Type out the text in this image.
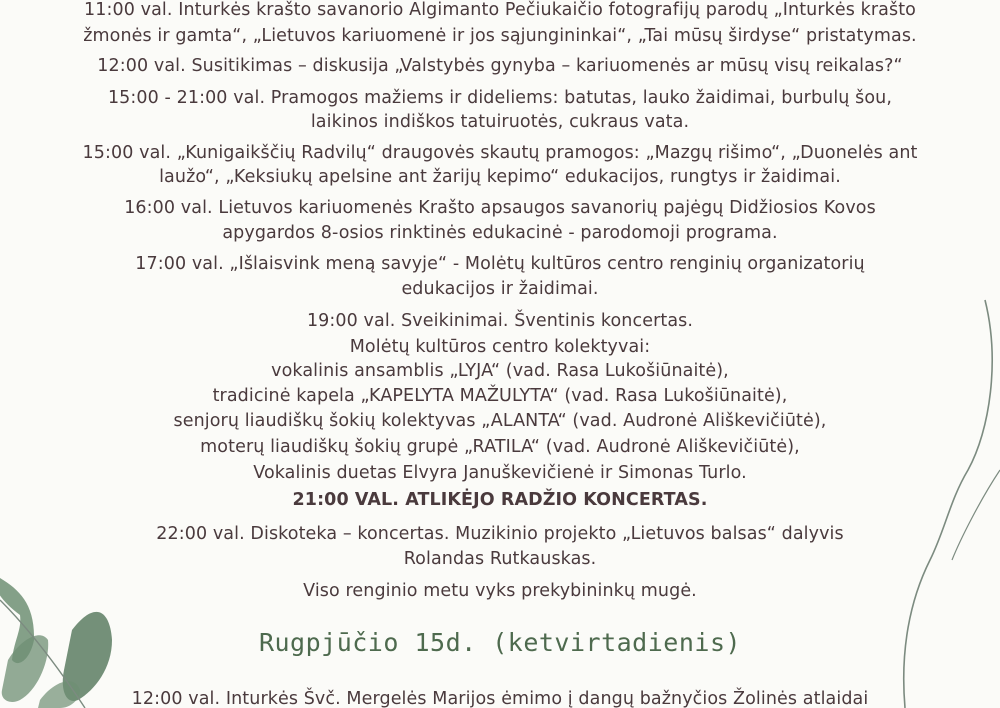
11:00 val. Inturkės krašto savanorio Algimanto Pečiukaičio fotografijų parodų „Inturkės krašto
žmonės ir gamta“, „Lietuvos kariuomenė ir jos sąjungininkai“, „Tai mūsų širdyse“ pristatymas.
12:00 val. Susitikimas – diskusija „Valstybės gynyba – kariuomenės ar mūsų visų reikalas?“
15:00 - 21:00 val. Pramogos mažiems ir dideliems: batutas, lauko žaidimai, burbulų šou,
laikinos indiškos tatuiruotės, cukraus vata.
15:00 val. „Kunigaikščių Radvilų“ draugovės skautų pramogos: „Mazgų rišimo“, „Duonelės ant
laužo“, „Keksiukų apelsine ant žarijų kepimo“ edukacijos, rungtys ir žaidimai.
16:00 val. Lietuvos kariuomenės Krašto apsaugos savanorių pajėgų Didžiosios Kovos
apygardos 8-osios rinktinės edukacinė - parodomoji programa.
17:00 val. „Išlaisvink meną savyje“ - Molėtų kultūros centro renginių organizatorių
edukacijos ir žaidimai.
19:00 val. Sveikinimai. Šventinis koncertas.
Molėtų kultūros centro kolektyvai:
vokalinis ansamblis „LYJA“ (vad. Rasa Lukošiūnaitė),
tradicinė kapela „KAPELYTA MAŽULYTA“ (vad. Rasa Lukošiūnaitė),
senjorų liaudiškų šokių kolektyvas „ALANTA“ (vad. Audronė Ališkevičiūtė),
moterų liaudiškų šokių grupė „RATILA“ (vad. Audronė Ališkevičiūtė),
Vokalinis duetas Elvyra Januškevičienė ir Simonas Turlo.
21:00 VAL. ATLIKĖJO RADŽIO KONCERTAS.
22:00 val. Diskoteka – koncertas. Muzikinio projekto „Lietuvos balsas“ dalyvis
Rolandas Rutkauskas.
Viso renginio metu vyks prekybininkų mugė.
Rugpjūčio 15d. (ketvirtadienis)
12:00 val. Inturkės Švč. Mergelės Marijos ėmimo į dangų bažnyčios Žolinės atlaidai
